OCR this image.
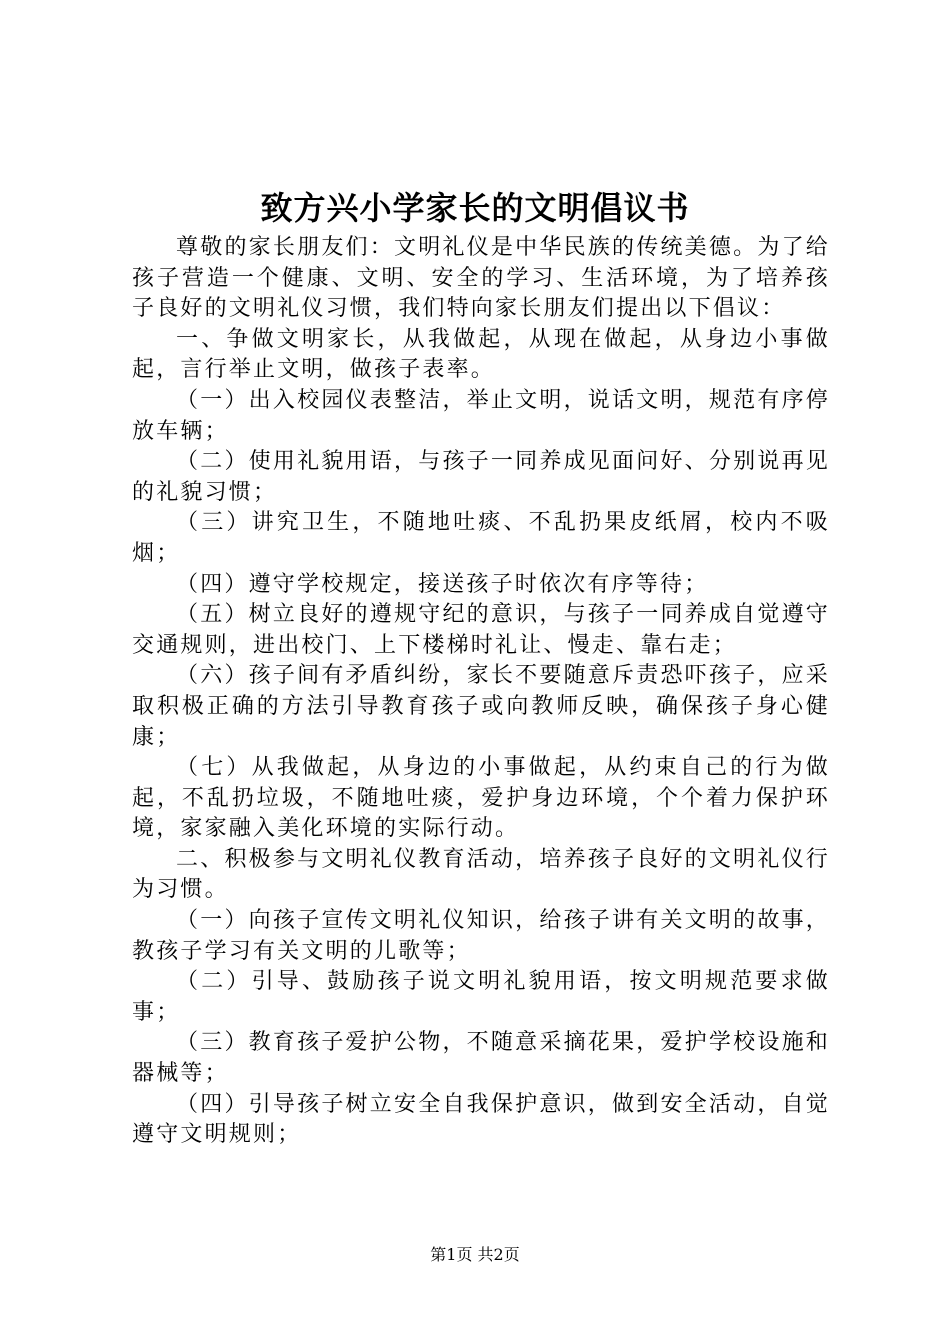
致方兴小学家长的文明倡议书

尊敬的家长朋友们：文明礼仪是中华民族的传统美德。为了给孩子营造一个健康、文明、安全的学习、生活环境，为了培养孩子良好的文明礼仪习惯，我们特向家长朋友们提出以下倡议：

一、争做文明家长，从我做起，从现在做起，从身边小事做起，言行举止文明，做孩子表率。

（一）出入校园仪表整洁，举止文明，说话文明，规范有序停放车辆；

（二）使用礼貌用语，与孩子一同养成见面问好、分别说再见的礼貌习惯；

（三）讲究卫生，不随地吐痰、不乱扔果皮纸屑，校内不吸烟；

（四）遵守学校规定，接送孩子时依次有序等待；

（五）树立良好的遵规守纪的意识，与孩子一同养成自觉遵守交通规则，进出校门、上下楼梯时礼让、慢走、靠右走；

（六）孩子间有矛盾纠纷，家长不要随意斥责恐吓孩子，应采取积极正确的方法引导教育孩子或向教师反映，确保孩子身心健康；

（七）从我做起，从身边的小事做起，从约束自己的行为做起，不乱扔垃圾，不随地吐痰，爱护身边环境，个个着力保护环境，家家融入美化环境的实际行动。

二、积极参与文明礼仪教育活动，培养孩子良好的文明礼仪行为习惯。

（一）向孩子宣传文明礼仪知识，给孩子讲有关文明的故事，教孩子学习有关文明的儿歌等；

（二）引导、鼓励孩子说文明礼貌用语，按文明规范要求做事；

（三）教育孩子爱护公物，不随意采摘花果，爱护学校设施和器械等；

（四）引导孩子树立安全自我保护意识，做到安全活动，自觉遵守文明规则；

第1页 共2页
